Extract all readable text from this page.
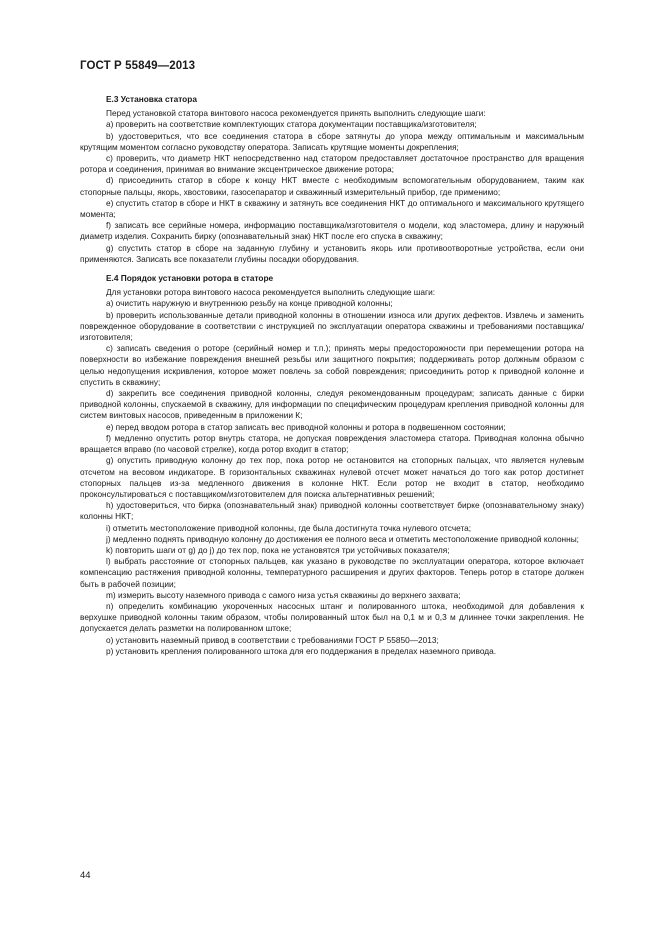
ГОСТ Р 55849—2013
Е.3 Установка статора

Перед установкой статора винтового насоса рекомендуется принять выполнить следующие шаги:

a) проверить на соответствие комплектующих статора документации поставщика/изготовителя;

b) удостовериться, что все соединения статора в сборе затянуты до упора между оптимальным и максимальным крутящим моментом согласно руководству оператора. Записать крутящие моменты докрепления;

c) проверить, что диаметр НКТ непосредственно над статором предоставляет достаточное пространство для вращения ротора и соединения, принимая во внимание эксцентрическое движение ротора;

d) присоединить статор в сборе к концу НКТ вместе с необходимым вспомогательным оборудованием, таким как стопорные пальцы, якорь, хвостовики, газосепаратор и скважинный измерительный прибор, где применимо;

e) спустить статор в сборе и НКТ в скважину и затянуть все соединения НКТ до оптимального и максимального крутящего момента;

f) записать все серийные номера, информацию поставщика/изготовителя о модели, код эластомера, длину и наружный диаметр изделия. Сохранить бирку (опознавательный знак) НКТ после его спуска в скважину;

g) спустить статор в сборе на заданную глубину и установить якорь или противоотворотные устройства, если они применяются. Записать все показатели глубины посадки оборудования.

Е.4 Порядок установки ротора в статоре

Для установки ротора винтового насоса рекомендуется выполнить следующие шаги:

a) очистить наружную и внутреннюю резьбу на конце приводной колонны;

b) проверить использованные детали приводной колонны в отношении износа или других дефектов. Извлечь и заменить поврежденное оборудование в соответствии с инструкцией по эксплуатации оператора скважины и требованиями поставщика/изготовителя;

c) записать сведения о роторе (серийный номер и т.п.); принять меры предосторожности при перемещении ротора на поверхности во избежание повреждения внешней резьбы или защитного покрытия; поддерживать ротор должным образом с целью недопущения искривления, которое может повлечь за собой повреждения; присоединить ротор к приводной колонне и спустить в скважину;

d) закрепить все соединения приводной колонны, следуя рекомендованным процедурам; записать данные с бирки приводной колонны, спускаемой в скважину, для информации по специфическим процедурам крепления приводной колонны для систем винтовых насосов, приведенным в приложении К;

e) перед вводом ротора в статор записать вес приводной колонны и ротора в подвешенном состоянии;

f) медленно опустить ротор внутрь статора, не допуская повреждения эластомера статора. Приводная колонна обычно вращается вправо (по часовой стрелке), когда ротор входит в статор;

g) опустить приводную колонну до тех пор, пока ротор не остановится на стопорных пальцах, что является нулевым отсчетом на весовом индикаторе. В горизонтальных скважинах нулевой отсчет может начаться до того как ротор достигнет стопорных пальцев из-за медленного движения в колонне НКТ. Если ротор не входит в статор, необходимо проконсультироваться с поставщиком/изготовителем для поиска альтернативных решений;

h) удостовериться, что бирка (опознавательный знак) приводной колонны соответствует бирке (опознавательному знаку) колонны НКТ;

i) отметить местоположение приводной колонны, где была достигнута точка нулевого отсчета;

j) медленно поднять приводную колонну до достижения ее полного веса и отметить местоположение приводной колонны;

k) повторить шаги от g) до j) до тех пор, пока не установятся три устойчивых показателя;

l) выбрать расстояние от стопорных пальцев, как указано в руководстве по эксплуатации оператора, которое включает компенсацию растяжения приводной колонны, температурного расширения и других факторов. Теперь ротор в статоре должен быть в рабочей позиции;

m) измерить высоту наземного привода с самого низа устья скважины до верхнего захвата;

n) определить комбинацию укороченных насосных штанг и полированного штока, необходимой для добавления к верхушке приводной колонны таким образом, чтобы полированный шток был на 0,1 м и 0,3 м длиннее точки закрепления. Не допускается делать разметки на полированном штоке;

o) установить наземный привод в соответствии с требованиями ГОСТ Р 55850—2013;

p) установить крепления полированного штока для его поддержания в пределах наземного привода.

44
